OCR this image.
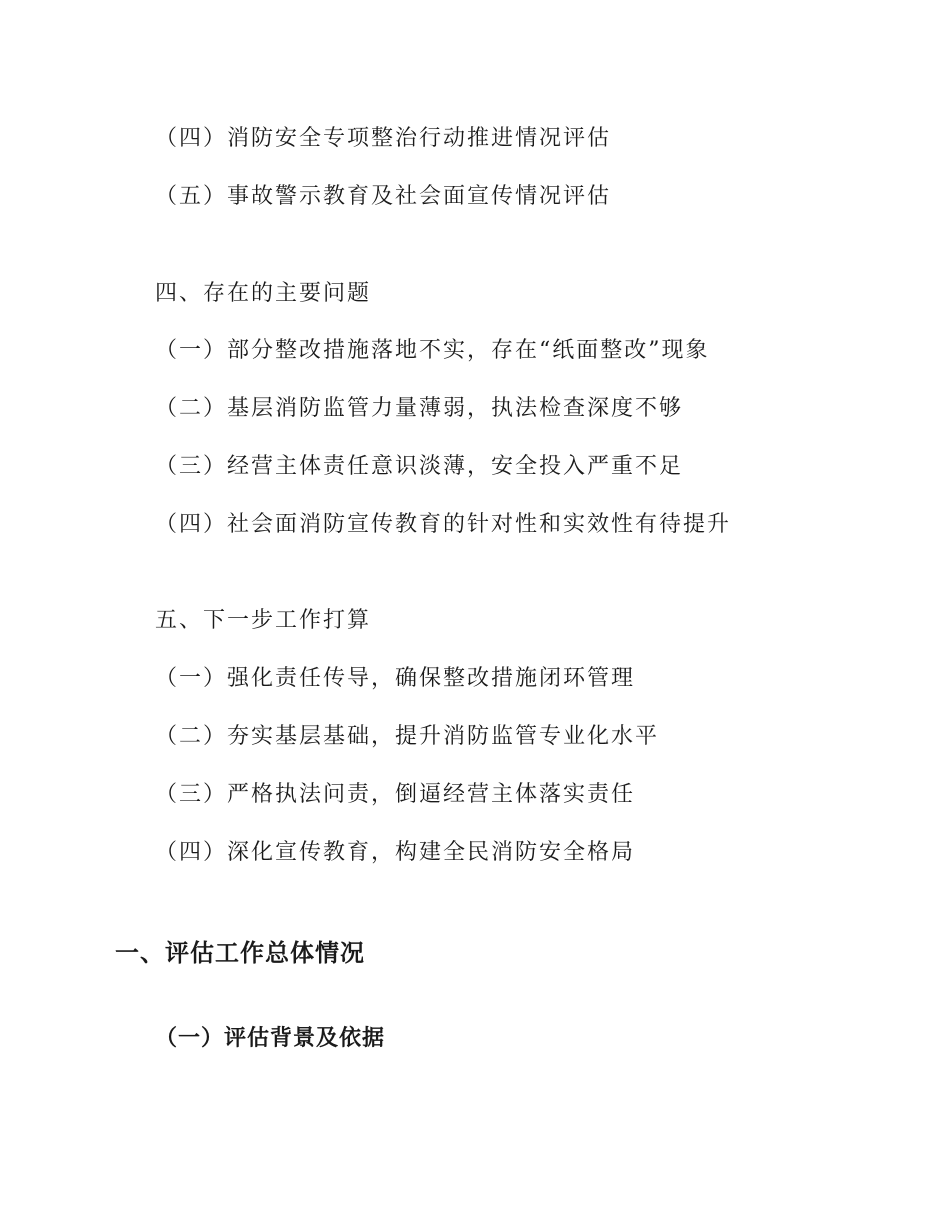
（四）消防安全专项整治行动推进情况评估
（五）事故警示教育及社会面宣传情况评估
四、存在的主要问题
（一）部分整改措施落地不实，存在“纸面整改”现象
（二）基层消防监管力量薄弱，执法检查深度不够
（三）经营主体责任意识淡薄，安全投入严重不足
（四）社会面消防宣传教育的针对性和实效性有待提升
五、下一步工作打算
（一）强化责任传导，确保整改措施闭环管理
（二）夯实基层基础，提升消防监管专业化水平
（三）严格执法问责，倒逼经营主体落实责任
（四）深化宣传教育，构建全民消防安全格局
一、评估工作总体情况
（一）评估背景及依据
